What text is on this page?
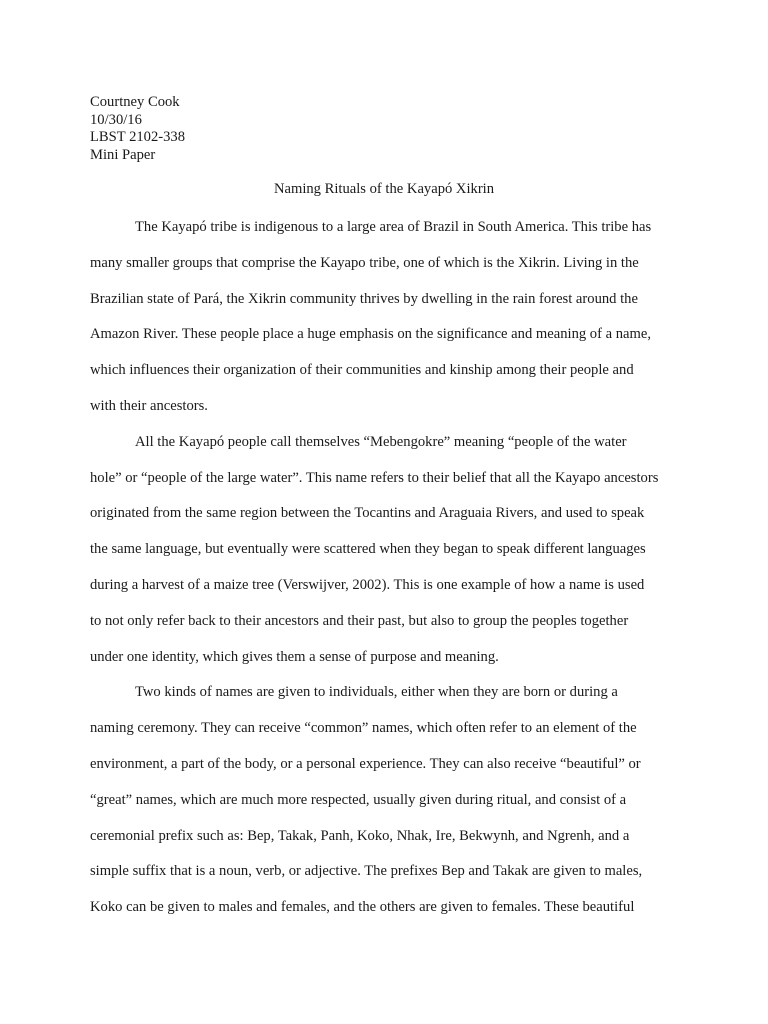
Courtney Cook
10/30/16
LBST 2102-338
Mini Paper
Naming Rituals of the Kayapó Xikrin
The Kayapó tribe is indigenous to a large area of Brazil in South America. This tribe has
many smaller groups that comprise the Kayapo tribe, one of which is the Xikrin. Living in the
Brazilian state of Pará, the Xikrin community thrives by dwelling in the rain forest around the
Amazon River. These people place a huge emphasis on the significance and meaning of a name,
which influences their organization of their communities and kinship among their people and
with their ancestors.
All the Kayapó people call themselves “Mebengokre” meaning “people of the water
hole” or “people of the large water”. This name refers to their belief that all the Kayapo ancestors
originated from the same region between the Tocantins and Araguaia Rivers, and used to speak
the same language, but eventually were scattered when they began to speak different languages
during a harvest of a maize tree (Verswijver, 2002). This is one example of how a name is used
to not only refer back to their ancestors and their past, but also to group the peoples together
under one identity, which gives them a sense of purpose and meaning.
Two kinds of names are given to individuals, either when they are born or during a
naming ceremony. They can receive “common” names, which often refer to an element of the
environment, a part of the body, or a personal experience. They can also receive “beautiful” or
“great” names, which are much more respected, usually given during ritual, and consist of a
ceremonial prefix such as: Bep, Takak, Panh, Koko, Nhak, Ire, Bekwynh, and Ngrenh, and a
simple suffix that is a noun, verb, or adjective. The prefixes Bep and Takak are given to males,
Koko can be given to males and females, and the others are given to females. These beautiful
